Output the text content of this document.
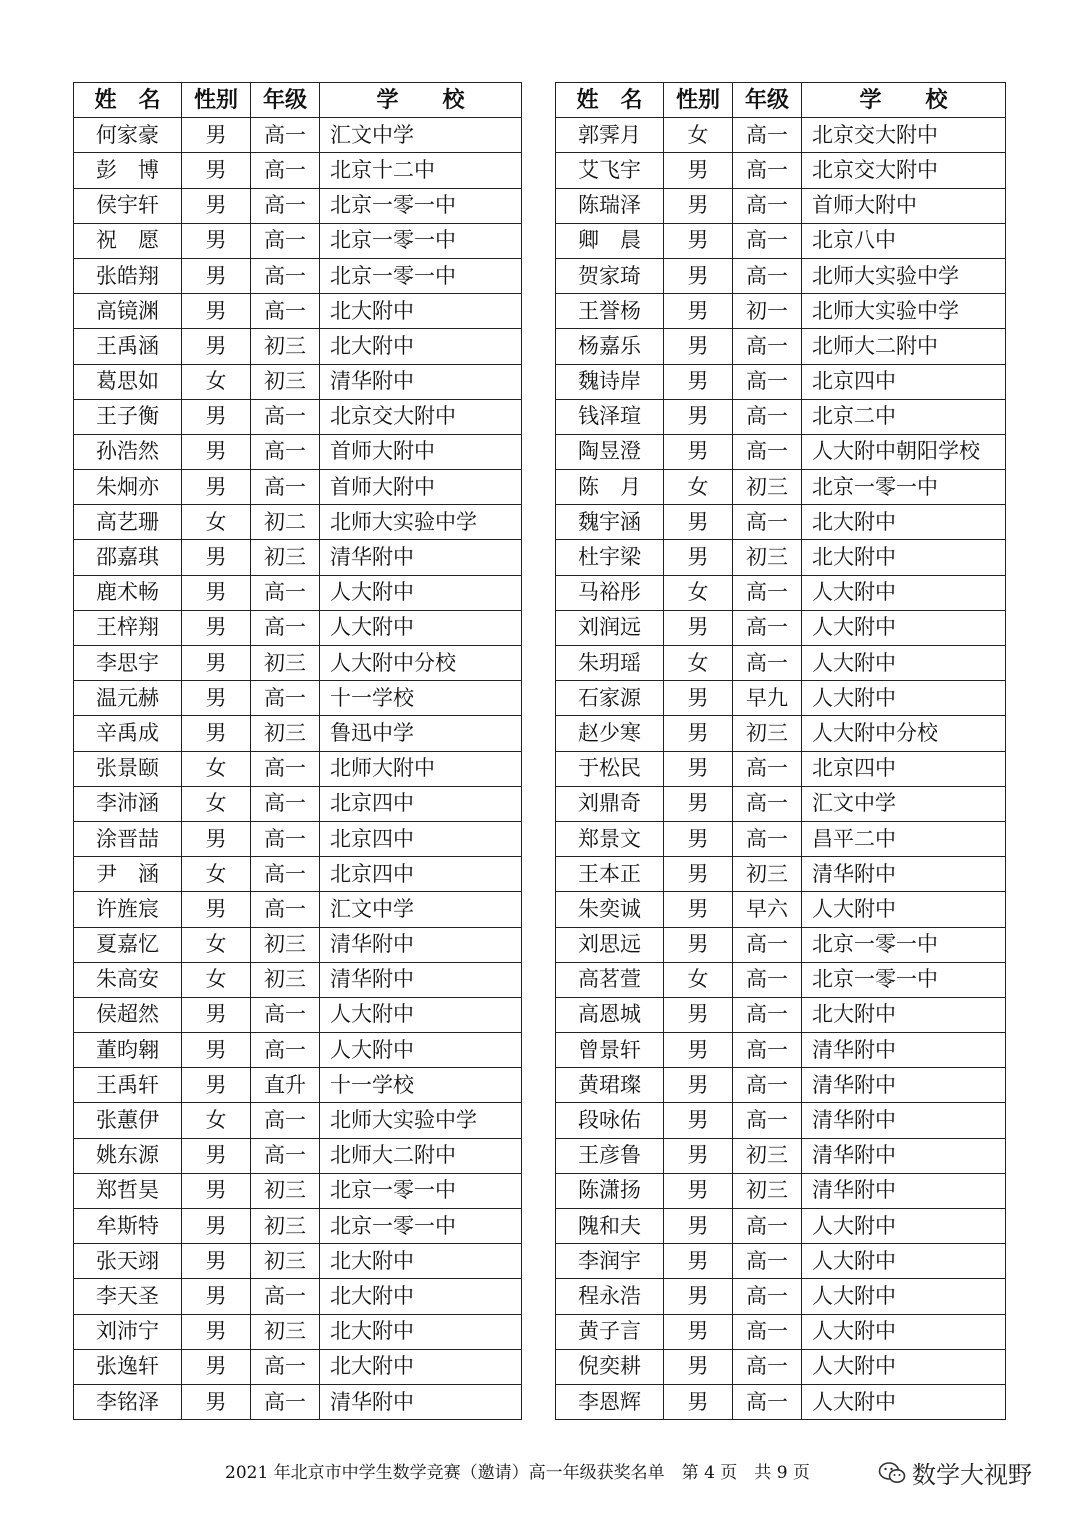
姓　名	性别	年级	学　　校
何家豪	男	高一	汇文中学
彭　博	男	高一	北京十二中
侯宇轩	男	高一	北京一零一中
祝　愿	男	高一	北京一零一中
张皓翔	男	高一	北京一零一中
高镜渊	男	高一	北大附中
王禹涵	男	初三	北大附中
葛思如	女	初三	清华附中
王子衡	男	高一	北京交大附中
孙浩然	男	高一	首师大附中
朱炯亦	男	高一	首师大附中
高艺珊	女	初二	北师大实验中学
邵嘉琪	男	初三	清华附中
鹿术畅	男	高一	人大附中
王梓翔	男	高一	人大附中
李思宇	男	初三	人大附中分校
温元赫	男	高一	十一学校
辛禹成	男	初三	鲁迅中学
张景颐	女	高一	北师大附中
李沛涵	女	高一	北京四中
涂晋喆	男	高一	北京四中
尹　涵	女	高一	北京四中
许旌宸	男	高一	汇文中学
夏嘉忆	女	初三	清华附中
朱高安	女	初三	清华附中
侯超然	男	高一	人大附中
董昀翱	男	高一	人大附中
王禹轩	男	直升	十一学校
张蕙伊	女	高一	北师大实验中学
姚东源	男	高一	北师大二附中
郑哲昊	男	初三	北京一零一中
牟斯特	男	初三	北京一零一中
张天翊	男	初三	北大附中
李天圣	男	高一	北大附中
刘沛宁	男	初三	北大附中
张逸轩	男	高一	北大附中
李铭泽	男	高一	清华附中
姓　名	性别	年级	学　　校
郭霁月	女	高一	北京交大附中
艾飞宇	男	高一	北京交大附中
陈瑞泽	男	高一	首师大附中
卿　晨	男	高一	北京八中
贺家琦	男	高一	北师大实验中学
王誉杨	男	初一	北师大实验中学
杨嘉乐	男	高一	北师大二附中
魏诗岸	男	高一	北京四中
钱泽瑄	男	高一	北京二中
陶昱澄	男	高一	人大附中朝阳学校
陈　月	女	初三	北京一零一中
魏宇涵	男	高一	北大附中
杜宇梁	男	初三	北大附中
马裕彤	女	高一	人大附中
刘润远	男	高一	人大附中
朱玥瑶	女	高一	人大附中
石家源	男	早九	人大附中
赵少寒	男	初三	人大附中分校
于松民	男	高一	北京四中
刘鼎奇	男	高一	汇文中学
郑景文	男	高一	昌平二中
王本正	男	初三	清华附中
朱奕诚	男	早六	人大附中
刘思远	男	高一	北京一零一中
高茗萱	女	高一	北京一零一中
高恩城	男	高一	北大附中
曾景轩	男	高一	清华附中
黄珺璨	男	高一	清华附中
段咏佑	男	高一	清华附中
王彦鲁	男	初三	清华附中
陈潇扬	男	初三	清华附中
隗和夫	男	高一	人大附中
李润宇	男	高一	人大附中
程永浩	男	高一	人大附中
黄子言	男	高一	人大附中
倪奕耕	男	高一	人大附中
李恩辉	男	高一	人大附中
2021 年北京市中学生数学竞赛（邀请）高一年级获奖名单　第 4 页　共 9 页	数学大视野
